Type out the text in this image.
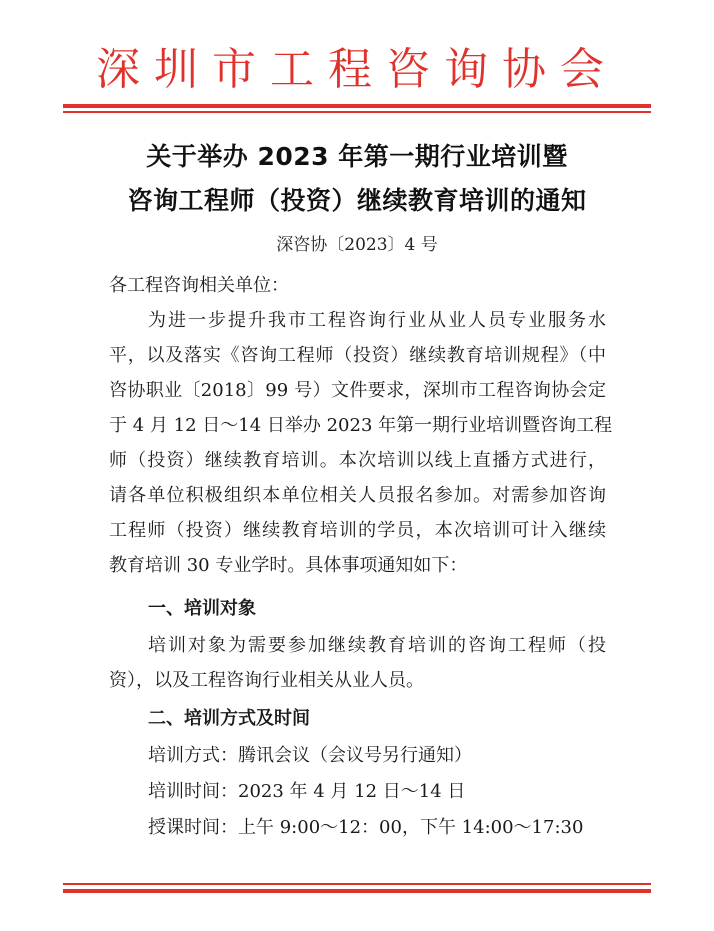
深圳市工程咨询协会
关于举办 2023 年第一期行业培训暨
咨询工程师（投资）继续教育培训的通知
深咨协〔2023〕4 号
各工程咨询相关单位：
为进一步提升我市工程咨询行业从业人员专业服务水
平，以及落实《咨询工程师（投资）继续教育培训规程》（中
咨协职业〔2018〕99 号）文件要求，深圳市工程咨询协会定
于 4 月 12 日～14 日举办 2023 年第一期行业培训暨咨询工程
师（投资）继续教育培训。本次培训以线上直播方式进行，
请各单位积极组织本单位相关人员报名参加。对需参加咨询
工程师（投资）继续教育培训的学员，本次培训可计入继续
教育培训 30 专业学时。具体事项通知如下：
一、培训对象
培训对象为需要参加继续教育培训的咨询工程师（投
资），以及工程咨询行业相关从业人员。
二、培训方式及时间
培训方式：腾讯会议（会议号另行通知）
培训时间：2023 年 4 月 12 日～14 日
授课时间：上午 9:00～12：00，下午 14:00～17:30
